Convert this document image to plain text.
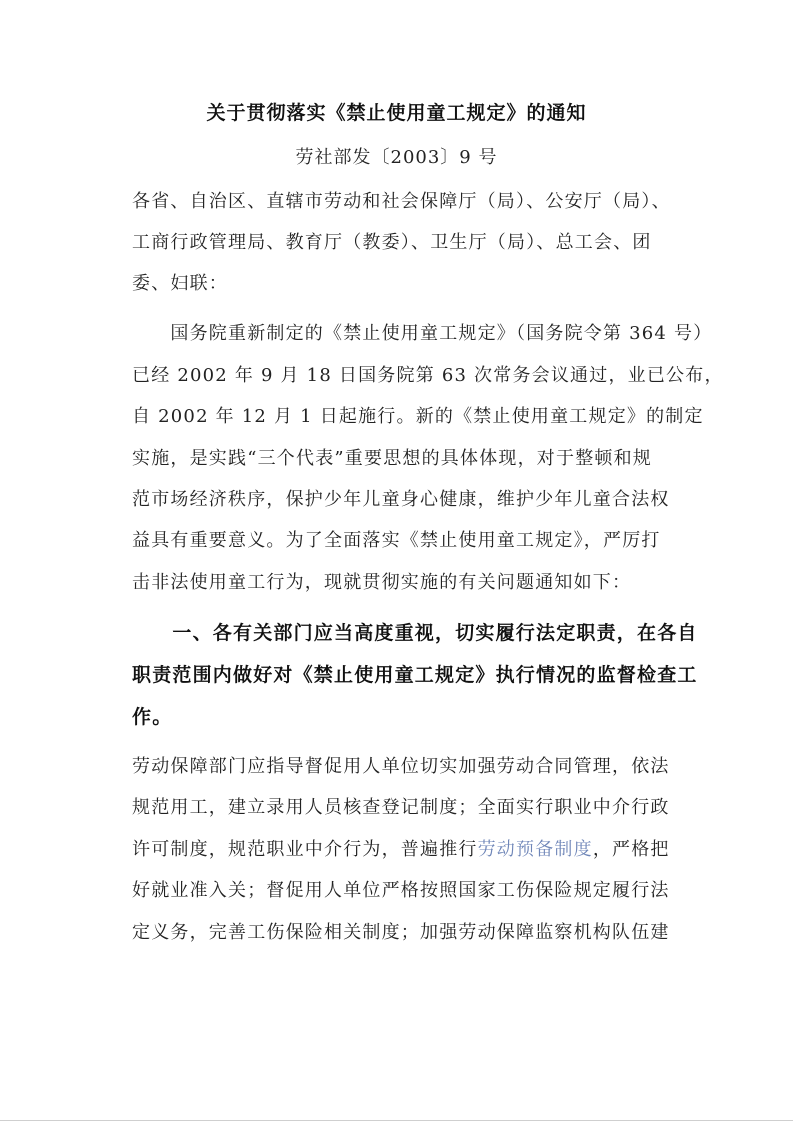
关于贯彻落实《禁止使用童工规定》的通知
劳社部发〔2003〕9 号
各省、自治区、直辖市劳动和社会保障厅（局）、公安厅（局）、
工商行政管理局、教育厅（教委）、卫生厅（局）、总工会、团
委、妇联：
　　国务院重新制定的《禁止使用童工规定》（国务院令第 364 号）
已经 2002 年 9 月 18 日国务院第 63 次常务会议通过，业已公布，
自 2002 年 12 月 1 日起施行。新的《禁止使用童工规定》的制定
实施，是实践“三个代表”重要思想的具体体现，对于整顿和规
范市场经济秩序，保护少年儿童身心健康，维护少年儿童合法权
益具有重要意义。为了全面落实《禁止使用童工规定》，严厉打
击非法使用童工行为，现就贯彻实施的有关问题通知如下：
　　一、各有关部门应当高度重视，切实履行法定职责，在各自
职责范围内做好对《禁止使用童工规定》执行情况的监督检查工
作。
劳动保障部门应指导督促用人单位切实加强劳动合同管理，依法
规范用工，建立录用人员核查登记制度；全面实行职业中介行政
许可制度，规范职业中介行为，普遍推行劳动预备制度，严格把
好就业准入关；督促用人单位严格按照国家工伤保险规定履行法
定义务，完善工伤保险相关制度；加强劳动保障监察机构队伍建
